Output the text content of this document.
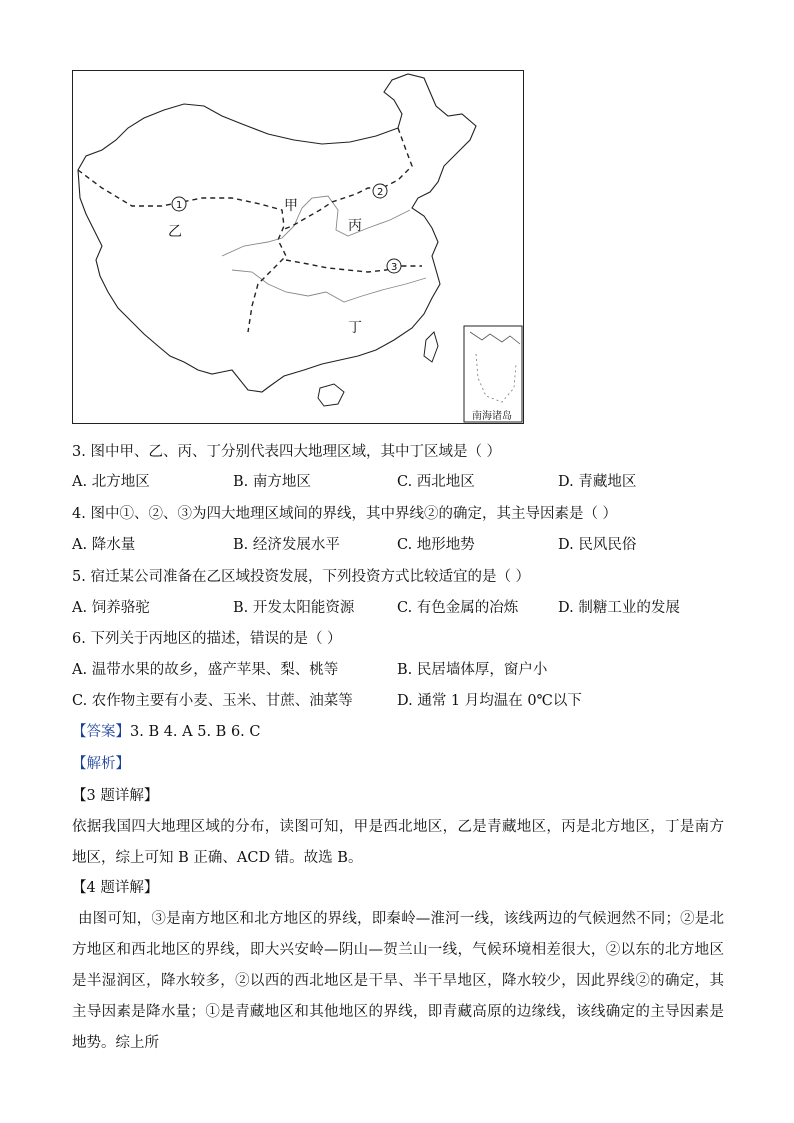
甲
乙	丙
丁
1
2
3
南海诸岛
3. 图中甲、乙、丙、丁分别代表四大地理区域，其中丁区域是（ ）
A. 北方地区	B. 南方地区	C. 西北地区	D. 青藏地区
4. 图中①、②、③为四大地理区域间的界线，其中界线②的确定，其主导因素是（ ）
A. 降水量	B. 经济发展水平	C. 地形地势	D. 民风民俗
5. 宿迁某公司准备在乙区域投资发展，下列投资方式比较适宜的是（ ）
A. 饲养骆驼	B. 开发太阳能资源	C. 有色金属的冶炼	D. 制糖工业的发展
6. 下列关于丙地区的描述，错误的是（ ）
A. 温带水果的故乡，盛产苹果、梨、桃等	B. 民居墙体厚，窗户小
C. 农作物主要有小麦、玉米、甘蔗、油菜等	D. 通常 1 月均温在 0℃以下
【答案】3. B 4. A 5. B 6. C
【解析】
【3 题详解】
依据我国四大地理区域的分布，读图可知，甲是西北地区，乙是青藏地区，丙是北方地区，丁是南方地区，综上可知 B 正确、ACD 错。故选 B。
【4 题详解】
由图可知，③是南方地区和北方地区的界线，即秦岭—淮河一线，该线两边的气候迥然不同；②是北方地区和西北地区的界线，即大兴安岭—阴山—贺兰山一线，气候环境相差很大，②以东的北方地区是半湿润区，降水较多，②以西的西北地区是干旱、半干旱地区，降水较少，因此界线②的确定，其主导因素是降水量；①是青藏地区和其他地区的界线，即青藏高原的边缘线，该线确定的主导因素是地势。综上所
